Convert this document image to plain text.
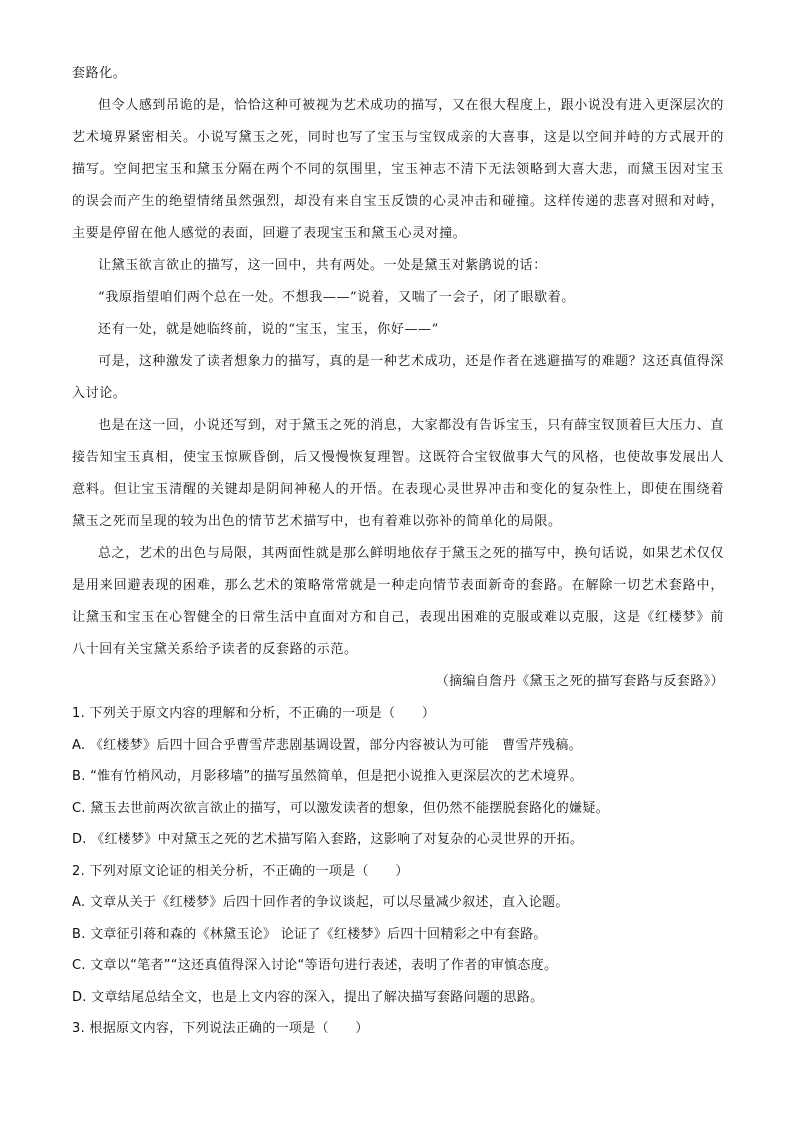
套路化。

但令人感到吊诡的是，恰恰这种可被视为艺术成功的描写，又在很大程度上，跟小说没有进入更深层次的艺术境界紧密相关。小说写黛玉之死，同时也写了宝玉与宝钗成亲的大喜事，这是以空间并峙的方式展开的描写。空间把宝玉和黛玉分隔在两个不同的氛围里，宝玉神志不清下无法领略到大喜大悲，而黛玉因对宝玉的误会而产生的绝望情绪虽然强烈，却没有来自宝玉反馈的心灵冲击和碰撞。这样传递的悲喜对照和对峙，主要是停留在他人感觉的表面，回避了表现宝玉和黛玉心灵对撞。

让黛玉欲言欲止的描写，这一回中，共有两处。一处是黛玉对紫鹃说的话：

“我原指望咱们两个总在一处。不想我——”说着，又喘了一会子，闭了眼歇着。

还有一处，就是她临终前，说的“宝玉，宝玉，你好——”

可是，这种激发了读者想象力的描写，真的是一种艺术成功，还是作者在逃避描写的难题？这还真值得深入讨论。

也是在这一回，小说还写到，对于黛玉之死的消息，大家都没有告诉宝玉，只有薛宝钗顶着巨大压力、直接告知宝玉真相，使宝玉惊厥昏倒，后又慢慢恢复理智。这既符合宝钗做事大气的风格，也使故事发展出人意料。但让宝玉清醒的关键却是阴间神秘人的开悟。在表现心灵世界冲击和变化的复杂性上，即使在围绕着黛玉之死而呈现的较为出色的情节艺术描写中，也有着难以弥补的简单化的局限。

总之，艺术的出色与局限，其两面性就是那么鲜明地依存于黛玉之死的描写中，换句话说，如果艺术仅仅是用来回避表现的困难，那么艺术的策略常常就是一种走向情节表面新奇的套路。在解除一切艺术套路中，让黛玉和宝玉在心智健全的日常生活中直面对方和自己，表现出困难的克服或难以克服，这是《红楼梦》前八十回有关宝黛关系给予读者的反套路的示范。

（摘编自詹丹《黛玉之死的描写套路与反套路》）

1. 下列关于原文内容的理解和分析，不正确的一项是（　　）

A. 《红楼梦》后四十回合乎曹雪芹悲剧基调设置，部分内容被认为可能　曹雪芹残稿。

B. “惟有竹梢风动，月影移墙”的描写虽然简单，但是把小说推入更深层次的艺术境界。

C. 黛玉去世前两次欲言欲止的描写，可以激发读者的想象，但仍然不能摆脱套路化的嫌疑。

D. 《红楼梦》中对黛玉之死的艺术描写陷入套路，这影响了对复杂的心灵世界的开拓。

2. 下列对原文论证的相关分析，不正确的一项是（　　）

A. 文章从关于《红楼梦》后四十回作者的争议谈起，可以尽量减少叙述，直入论题。

B. 文章征引蒋和森的《林黛玉论》 论证了《红楼梦》后四十回精彩之中有套路。

C. 文章以“笔者”“这还真值得深入讨论“等语句进行表述，表明了作者的审慎态度。

D. 文章结尾总结全文，也是上文内容的深入，提出了解决描写套路问题的思路。

3. 根据原文内容，下列说法正确的一项是（　　）
